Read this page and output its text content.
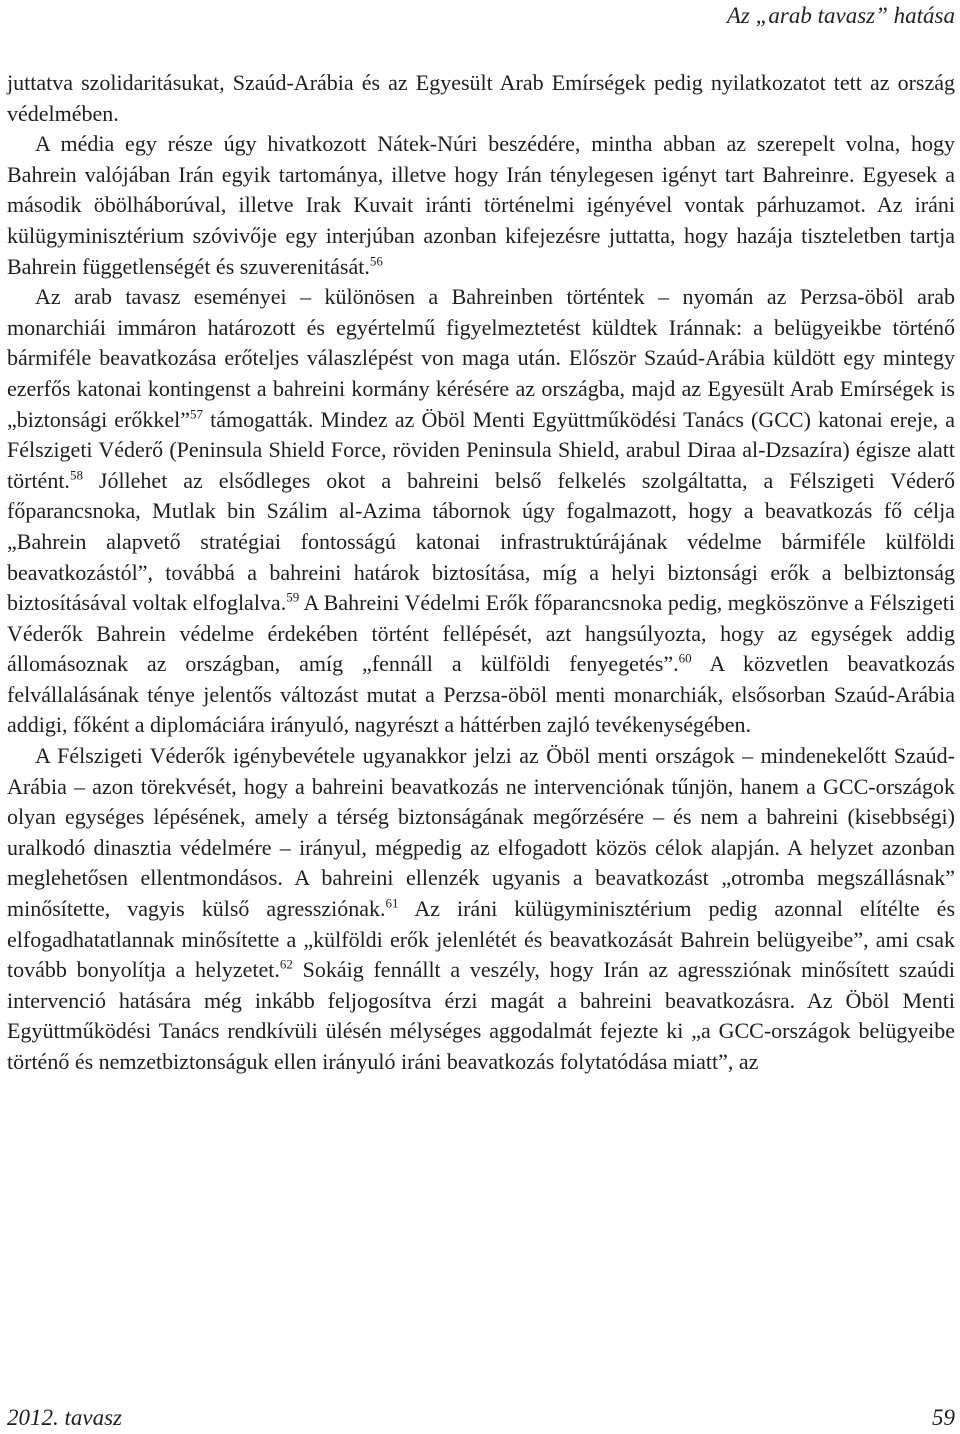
Az „arab tavasz” hatása

juttatva szolidaritásukat, Szaúd-Arábia és az Egyesült Arab Emírségek pedig nyilatkozatot tett az ország védelmében.

A média egy része úgy hivatkozott Nátek-Núri beszédére, mintha abban az szerepelt volna, hogy Bahrein valójában Irán egyik tartománya, illetve hogy Irán ténylegesen igényt tart Bahreinre. Egyesek a második öbölháborúval, illetve Irak Kuvait iránti történelmi igényével vontak párhuzamot. Az iráni külügyminisztérium szóvivője egy interjúban azonban kifejezésre juttatta, hogy hazája tiszteletben tartja Bahrein függetlenségét és szuverenitását.$^{56}$

Az arab tavasz eseményei – különösen a Bahreinben történtek – nyomán az Perzsa-öböl arab monarchiái immáron határozott és egyértelmű figyelmeztetést küldtek Iránnak: a belügyeikbe történő bármiféle beavatkozása erőteljes válaszlépést von maga után. Először Szaúd-Arábia küldött egy mintegy ezerfős katonai kontingenst a bahreini kormány kérésére az országba, majd az Egyesült Arab Emírségek is „biztonsági erőkkel”$^{57}$ támogatták. Mindez az Öböl Menti Együttműködési Tanács (GCC) katonai ereje, a Félszigeti Véderő (Peninsula Shield Force, röviden Peninsula Shield, arabul Diraa al-Dzsazíra) égisze alatt történt.$^{58}$ Jóllehet az elsődleges okot a bahreini belső felkelés szolgáltatta, a Félszigeti Véderő főparancsnoka, Mutlak bin Szálim al-Azima tábornok úgy fogalmazott, hogy a beavatkozás fő célja „Bahrein alapvető stratégiai fontosságú katonai infrastruktúrájának védelme bármiféle külföldi beavatkozástól”, továbbá a bahreini határok biztosítása, míg a helyi biztonsági erők a belbiztonság biztosításával voltak elfoglalva.$^{59}$ A Bahreini Védelmi Erők főparancsnoka pedig, megköszönve a Félszigeti Véderők Bahrein védelme érdekében történt fellépését, azt hangsúlyozta, hogy az egységek addig állomásoznak az országban, amíg „fennáll a külföldi fenyegetés”.$^{60}$ A közvetlen beavatkozás felvállalásának ténye jelentős változást mutat a Perzsa-öböl menti monarchiák, elsősorban Szaúd-Arábia addigi, főként a diplomáciára irányuló, nagyrészt a háttérben zajló tevékenységében.

A Félszigeti Véderők igénybevétele ugyanakkor jelzi az Öböl menti országok – mindenekelőtt Szaúd-Arábia – azon törekvését, hogy a bahreini beavatkozás ne intervenciónak tűnjön, hanem a GCC-országok olyan egységes lépésének, amely a térség biztonságának megőrzésére – és nem a bahreini (kisebbségi) uralkodó dinasztia védelmére – irányul, mégpedig az elfogadott közös célok alapján. A helyzet azonban meglehetősen ellentmondásos. A bahreini ellenzék ugyanis a beavatkozást „otromba megszállásnak” minősítette, vagyis külső agressziónak.$^{61}$ Az iráni külügyminisztérium pedig azonnal elítélte és elfogadhatatlannak minősítette a „külföldi erők jelenlétét és beavatkozását Bahrein belügyeibe”, ami csak tovább bonyolítja a helyzetet.$^{62}$ Sokáig fennállt a veszély, hogy Irán az agressziónak minősített szaúdi intervenció hatására még inkább feljogosítva érzi magát a bahreini beavatkozásra. Az Öböl Menti Együttműködési Tanács rendkívüli ülésén mélységes aggodalmát fejezte ki „a GCC-országok belügyeibe történő és nemzetbiztonságuk ellen irányuló iráni beavatkozás folytatódása miatt”, az

2012. tavasz	59
